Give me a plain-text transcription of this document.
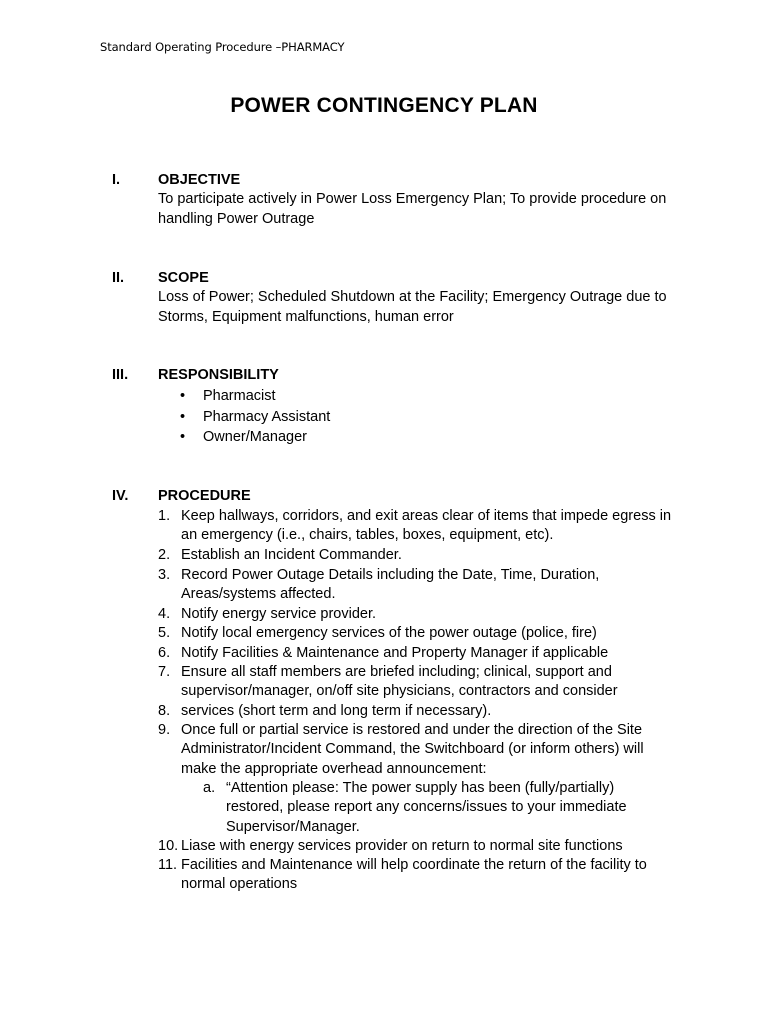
Standard Operating Procedure –PHARMACY
POWER CONTINGENCY PLAN
I.	OBJECTIVE
To participate actively in Power Loss Emergency Plan; To provide procedure on handling Power Outrage
II. SCOPE
Loss of Power; Scheduled Shutdown at the Facility; Emergency Outrage due to Storms, Equipment malfunctions, human error
III. RESPONSIBILITY
• Pharmacist
• Pharmacy Assistant
• Owner/Manager
IV. PROCEDURE
1. Keep hallways, corridors, and exit areas clear of items that impede egress in an emergency (i.e., chairs, tables, boxes, equipment, etc).
2. Establish an Incident Commander.
3. Record Power Outage Details including the Date, Time, Duration, Areas/systems affected.
4. Notify energy service provider.
5. Notify local emergency services of the power outage (police, fire)
6. Notify Facilities & Maintenance and Property Manager if applicable
7. Ensure all staff members are briefed including; clinical, support and supervisor/manager, on/off site physicians, contractors and consider
8. services (short term and long term if necessary).
9. Once full or partial service is restored and under the direction of the Site Administrator/Incident Command, the Switchboard (or inform others) will make the appropriate overhead announcement:
a. “Attention please: The power supply has been (fully/partially) restored, please report any concerns/issues to your immediate Supervisor/Manager.
10. Liase with energy services provider on return to normal site functions
11. Facilities and Maintenance will help coordinate the return of the facility to normal operations
